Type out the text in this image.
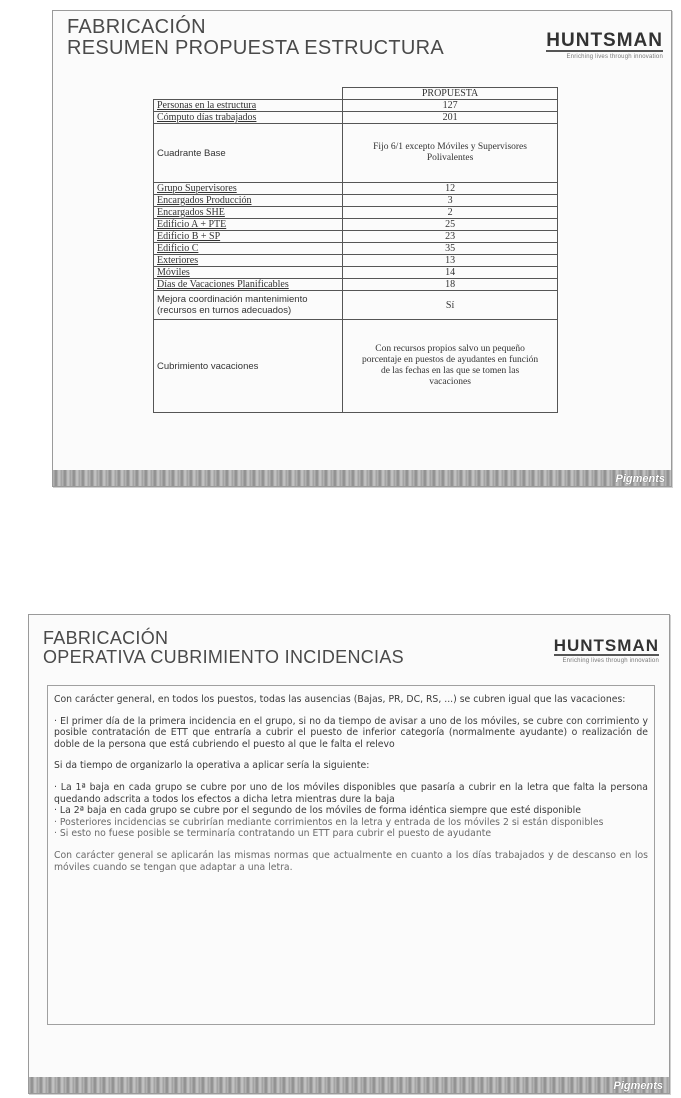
FABRICACIÓN
RESUMEN PROPUESTA ESTRUCTURA	HUNTSMAN
Enriching lives through innovation
	PROPUESTA
Personas en la estructura	127
Cómputo días trabajados	201
Cuadrante Base	Fijo 6/1 excepto Móviles y Supervisores Polivalentes
Grupo Supervisores	12
Encargados Producción	3
Encargados SHE	2
Edificio A + PTE	25
Edificio B + SP	23
Edificio C	35
Exteriores	13
Móviles	14
Días de Vacaciones Planificables	18
Mejora coordinación mantenimiento (recursos en turnos adecuados)	Sí
Cubrimiento vacaciones	Con recursos propios salvo un pequeño porcentaje en puestos de ayudantes en función de las fechas en las que se tomen las vacaciones
Pigments
FABRICACIÓN
OPERATIVA CUBRIMIENTO INCIDENCIAS
HUNTSMAN
Enriching lives through innovation

Con carácter general, en todos los puestos, todas las ausencias (Bajas, PR, DC, RS, ...) se cubren igual que las vacaciones:

· El primer día de la primera incidencia en el grupo, si no da tiempo de avisar a uno de los móviles, se cubre con corrimiento y posible contratación de ETT que entraría a cubrir el puesto de inferior categoría (normalmente ayudante) o realización de doble de la persona que está cubriendo el puesto al que le falta el relevo

Si da tiempo de organizarlo la operativa a aplicar sería la siguiente:

· La 1ª baja en cada grupo se cubre por uno de los móviles disponibles que pasaría a cubrir en la letra que falta la persona quedando adscrita a todos los efectos a dicha letra mientras dure la baja

· La 2ª baja en cada grupo se cubre por el segundo de los móviles de forma idéntica siempre que esté disponible

· Posteriores incidencias se cubrirían mediante corrimientos en la letra y entrada de los móviles 2 si están disponibles

· Si esto no fuese posible se terminaría contratando un ETT para cubrir el puesto de ayudante

Con carácter general se aplicarán las mismas normas que actualmente en cuanto a los días trabajados y de descanso en los móviles cuando se tengan que adaptar a una letra.

Pigments
